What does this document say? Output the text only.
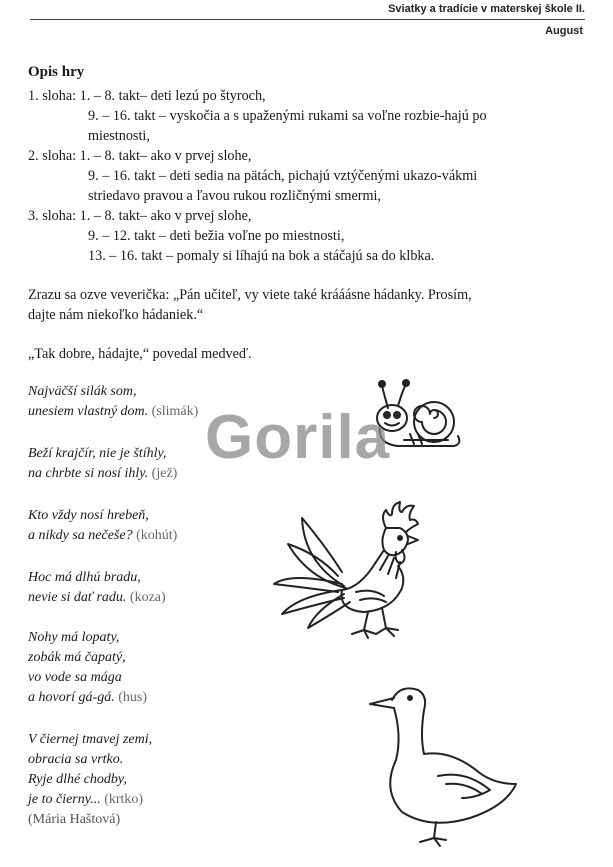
Sviatky a tradície v materskej škole II.
August
Opis hry
1. sloha: 1. – 8. takt – deti lezú po štyroch,
9. – 16. takt – vyskočia a s upaženými rukami sa voľne rozbie-hajú po miestnosti,
2. sloha: 1. – 8. takt – ako v prvej slohe,
9. – 16. takt – deti sedia na pätách, pichajú vztýčenými ukazo-vákmi striedavo pravou a ľavou rukou rozličnými smermi,
3. sloha: 1. – 8. takt – ako v prvej slohe,
9. – 12. takt – deti bežia voľne po miestnosti,
13. – 16. takt – pomaly si líhajú na bok a stáčajú sa do klbka.
Zrazu sa ozve veverička: „Pán učiteľ, vy viete také krááásne hádanky. Prosím, dajte nám niekoľko hádaniek.“
„Tak dobre, hádajte,“ povedal medveď.
Najväčší silák som,
unesiem vlastný dom. (slimák)
Beží krajčír, nie je štíhly,
na chrbte si nosí ihly. (jež)
Kto vždy nosí hrebeň,
a nikdy sa nečeše? (kohút)
Hoc má dlhú bradu,
nevie si dať radu. (koza)
Nohy má lopaty,
zobák má čapatý,
vo vode sa mága
a hovorí gá-gá. (hus)
V čiernej tmavej zemi,
obracia sa vrtko.
Ryje dlhé chodby,
je to čierny... (krtko)
(Mária Haštová)
Gorila
